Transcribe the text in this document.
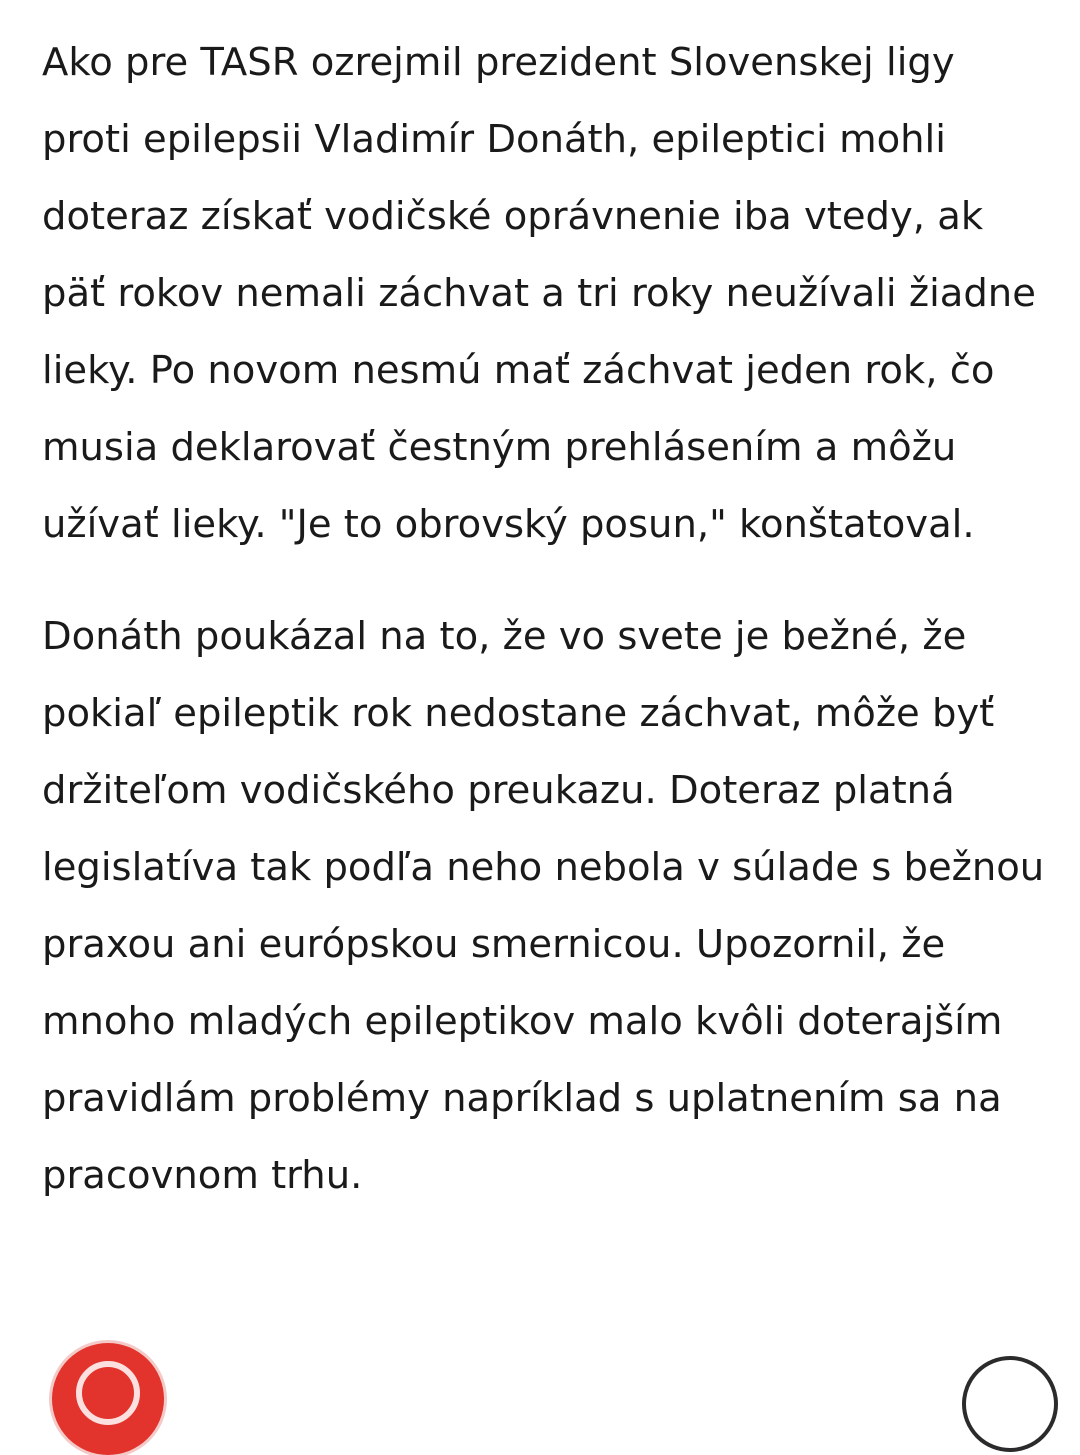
Ako pre TASR ozrejmil prezident Slovenskej ligy proti epilepsii Vladimír Donáth, epileptici mohli doteraz získať vodičské oprávnenie iba vtedy, ak päť rokov nemali záchvat a tri roky neužívali žiadne lieky. Po novom nesmú mať záchvat jeden rok, čo musia deklarovať čestným prehlásením a môžu užívať lieky. "Je to obrovský posun," konštatoval.

Donáth poukázal na to, že vo svete je bežné, že pokiaľ epileptik rok nedostane záchvat, môže byť držiteľom vodičského preukazu. Doteraz platná legislatíva tak podľa neho nebola v súlade s bežnou praxou ani európskou smernicou. Upozornil, že mnoho mladých epileptikov malo kvôli doterajším pravidlám problémy napríklad s uplatnením sa na pracovnom trhu.
